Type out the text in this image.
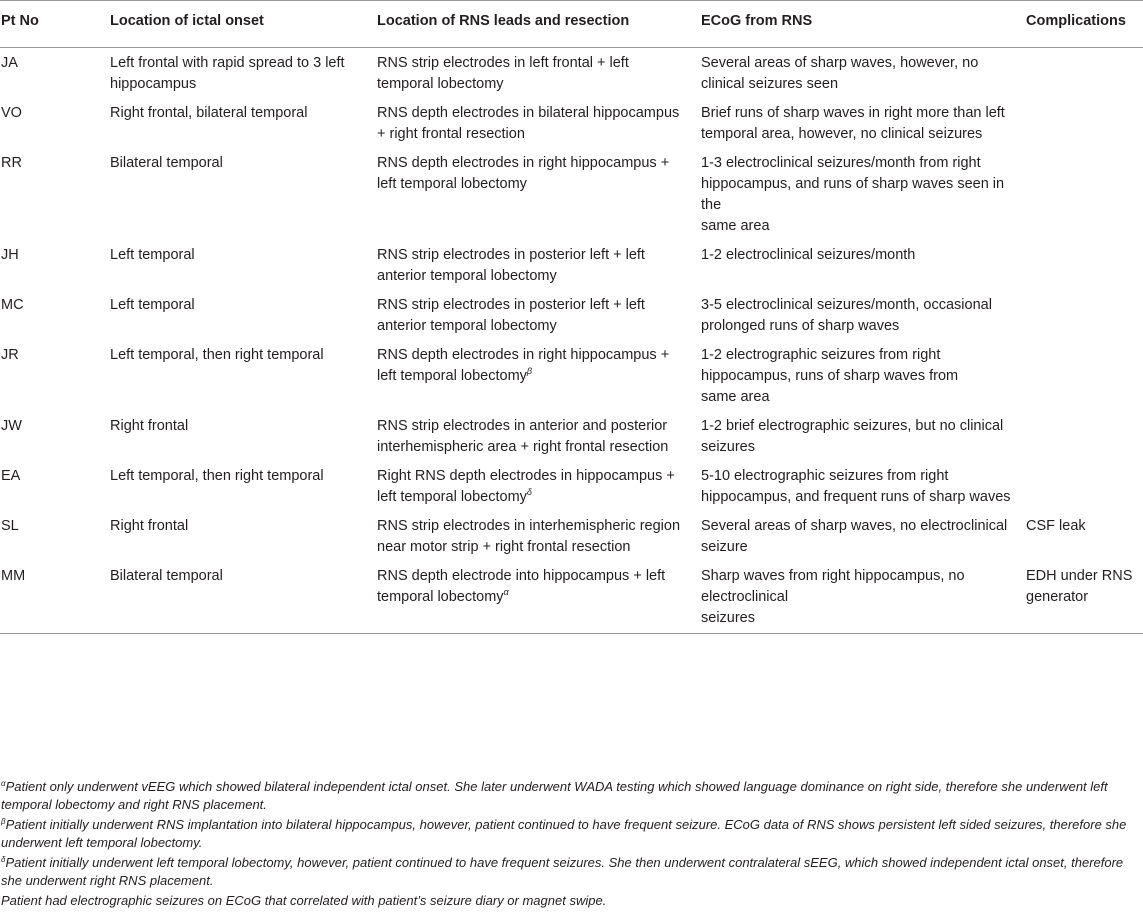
Pt No	Location of ictal onset	Location of RNS leads and resection	ECoG from RNS	Complications
JA	Left frontal with rapid spread to 3 left hippocampus	RNS strip electrodes in left frontal + left temporal lobectomy	Several areas of sharp waves, however, no clinical seizures seen	
VO	Right frontal, bilateral temporal	RNS depth electrodes in bilateral hippocampus + right frontal resection	Brief runs of sharp waves in right more than left temporal area, however, no clinical seizures	
RR	Bilateral temporal	RNS depth electrodes in right hippocampus + left temporal lobectomy	1-3 electroclinical seizures/month from right hippocampus, and runs of sharp waves seen in the
same area	
JH	Left temporal	RNS strip electrodes in posterior left + left anterior temporal lobectomy	1-2 electroclinical seizures/month	
MC	Left temporal	RNS strip electrodes in posterior left + left anterior temporal lobectomy	3-5 electroclinical seizures/month, occasional prolonged runs of sharp waves	
JR	Left temporal, then right temporal	RNS depth electrodes in right hippocampus + left temporal lobectomy$^\beta$	1-2 electrographic seizures from right hippocampus, runs of sharp waves from
same area	
JW	Right frontal	RNS strip electrodes in anterior and posterior interhemispheric area + right frontal resection	1-2 brief electrographic seizures, but no clinical seizures	
EA	Left temporal, then right temporal	Right RNS depth electrodes in hippocampus + left temporal lobectomy$^\delta$	5-10 electrographic seizures from right hippocampus, and frequent runs of sharp waves	
SL	Right frontal	RNS strip electrodes in interhemispheric region near motor strip + right frontal resection	Several areas of sharp waves, no electroclinical
seizure	CSF leak
MM	Bilateral temporal	RNS depth electrode into hippocampus + left temporal lobectomy$^\alpha$	Sharp waves from right hippocampus, no electroclinical
seizures	EDH under RNS generator

$^\alpha$Patient only underwent vEEG which showed bilateral independent ictal onset. She later underwent WADA testing which showed language dominance on right side, therefore she underwent left temporal lobectomy and right RNS placement.

$^\beta$Patient initially underwent RNS implantation into bilateral hippocampus, however, patient continued to have frequent seizure. ECoG data of RNS shows persistent left sided seizures, therefore she underwent left temporal lobectomy.

$^\delta$Patient initially underwent left temporal lobectomy, however, patient continued to have frequent seizures. She then underwent contralateral sEEG, which showed independent ictal onset, therefore she underwent right RNS placement.

Patient had electrographic seizures on ECoG that correlated with patient’s seizure diary or magnet swipe.
